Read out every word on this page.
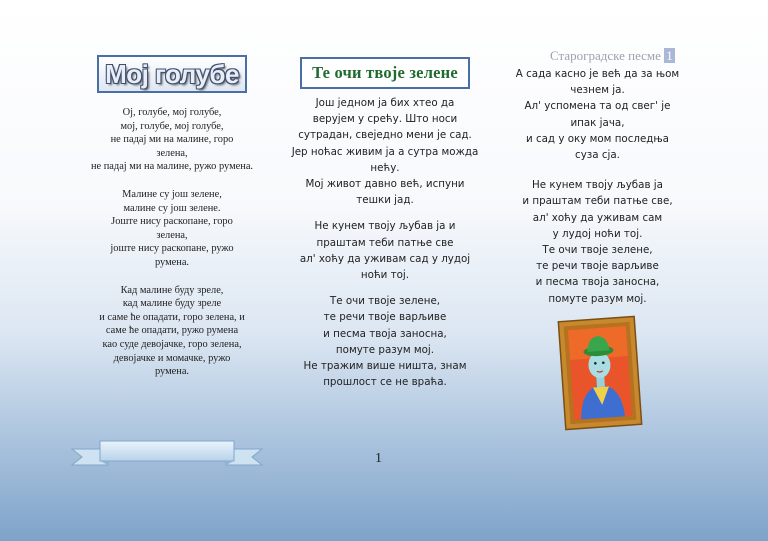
Староградске песме 1
Мој голубе

Ој, голубе, мој голубе,
мој, голубе, мој голубе,
не падај ми на малине, горо
зелена,
не падај ми на малине, ружо румена.

Малине су још зелене,
малине су још зелене.
Јоште нису раскопане, горо
зелена,
јоште нису раскопане, ружо
румена.

Кад малине буду зреле,
кад малине буду зреле
и саме ће опадати, горо зелена, и
саме ће опадати, ружо румена
као суде девојачке, горо зелена,
девојачке и момачке, ружо
румена.

Те очи твоје зелене

Још једном ја бих хтео да
верујем у срећу. Што носи
сутрадан, свеједно мени је сад.
Јер ноћас живим ја а сутра можда
нећу.
Мој живот давно већ, испуни
тешки јад.

Не кунем твоју љубав ја и
праштам теби патње све
ал' хоћу да уживам сад у лудој
ноћи тој.

Те очи твоје зелене,
те речи твоје варљиве
и песма твоја заносна,
помуте разум мој.
Не тражим више ништа, знам
прошлост се не враћа.

А сада касно је већ да за њом
чезнем ја.
Ал' успомена та од свег' је
ипак јача,
и сад у оку мом последња
суза сја.

Не кунем твоју љубав ја
и праштам теби патње све,
ал' хоћу да уживам сам
у лудој ноћи тој.
Те очи твоје зелене,
те речи твоје варљиве
и песма твоја заносна,
помуте разум мој.

1
